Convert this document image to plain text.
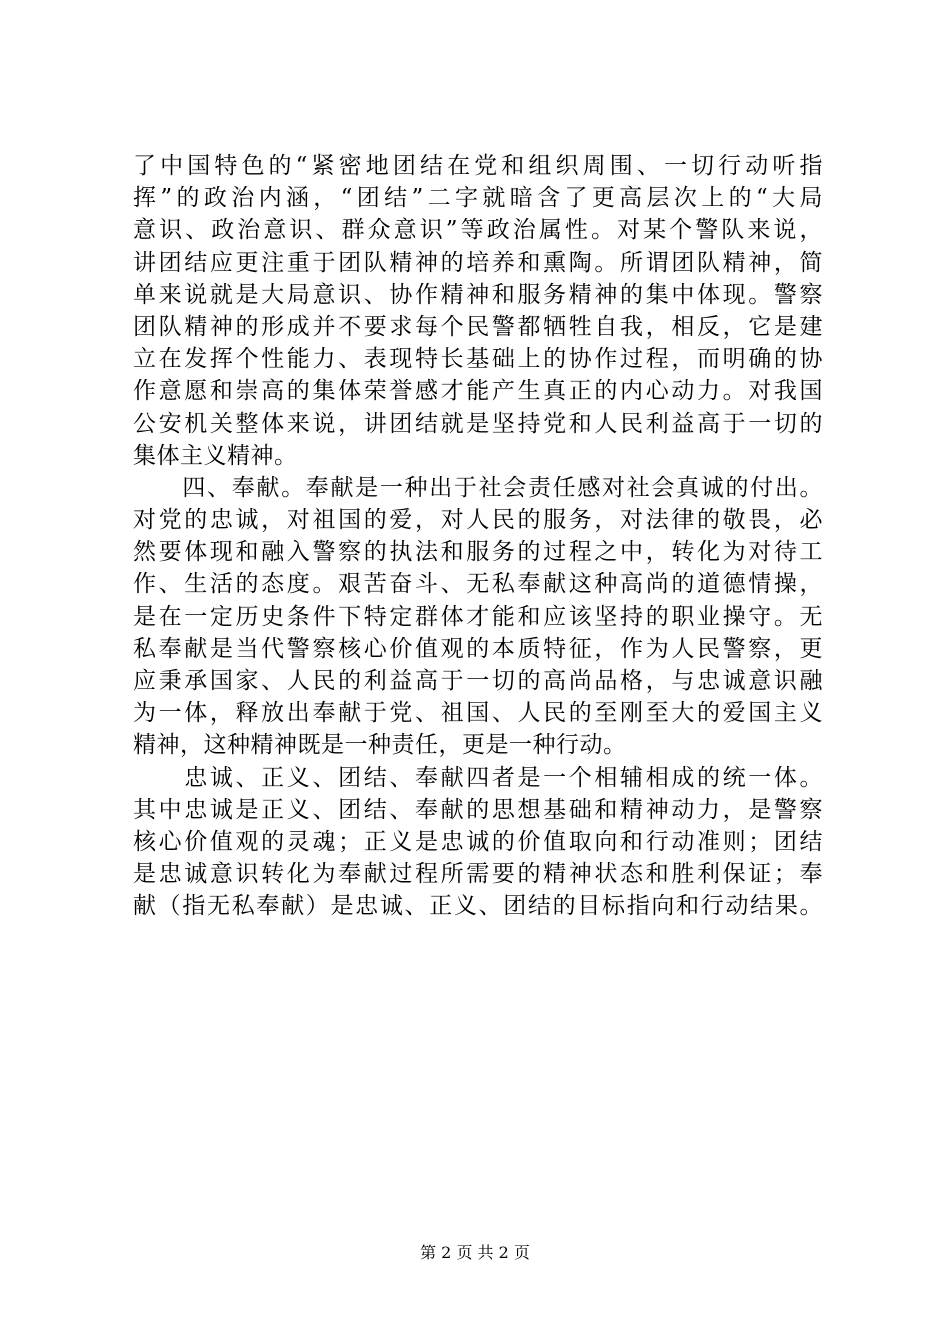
了中国特色的“紧密地团结在党和组织周围、一切行动听指
挥”的政治内涵，“团结”二字就暗含了更高层次上的“大局
意识、政治意识、群众意识”等政治属性。对某个警队来说，
讲团结应更注重于团队精神的培养和熏陶。所谓团队精神，简
单来说就是大局意识、协作精神和服务精神的集中体现。警察
团队精神的形成并不要求每个民警都牺牲自我，相反，它是建
立在发挥个性能力、表现特长基础上的协作过程，而明确的协
作意愿和崇高的集体荣誉感才能产生真正的内心动力。对我国
公安机关整体来说，讲团结就是坚持党和人民利益高于一切的
集体主义精神。
　　四、奉献。奉献是一种出于社会责任感对社会真诚的付出。
对党的忠诚，对祖国的爱，对人民的服务，对法律的敬畏，必
然要体现和融入警察的执法和服务的过程之中，转化为对待工
作、生活的态度。艰苦奋斗、无私奉献这种高尚的道德情操，
是在一定历史条件下特定群体才能和应该坚持的职业操守。无
私奉献是当代警察核心价值观的本质特征，作为人民警察，更
应秉承国家、人民的利益高于一切的高尚品格，与忠诚意识融
为一体，释放出奉献于党、祖国、人民的至刚至大的爱国主义
精神，这种精神既是一种责任，更是一种行动。
　　忠诚、正义、团结、奉献四者是一个相辅相成的统一体。
其中忠诚是正义、团结、奉献的思想基础和精神动力，是警察
核心价值观的灵魂；正义是忠诚的价值取向和行动准则；团结
是忠诚意识转化为奉献过程所需要的精神状态和胜利保证；奉
献（指无私奉献）是忠诚、正义、团结的目标指向和行动结果。
第 2 页 共 2 页
